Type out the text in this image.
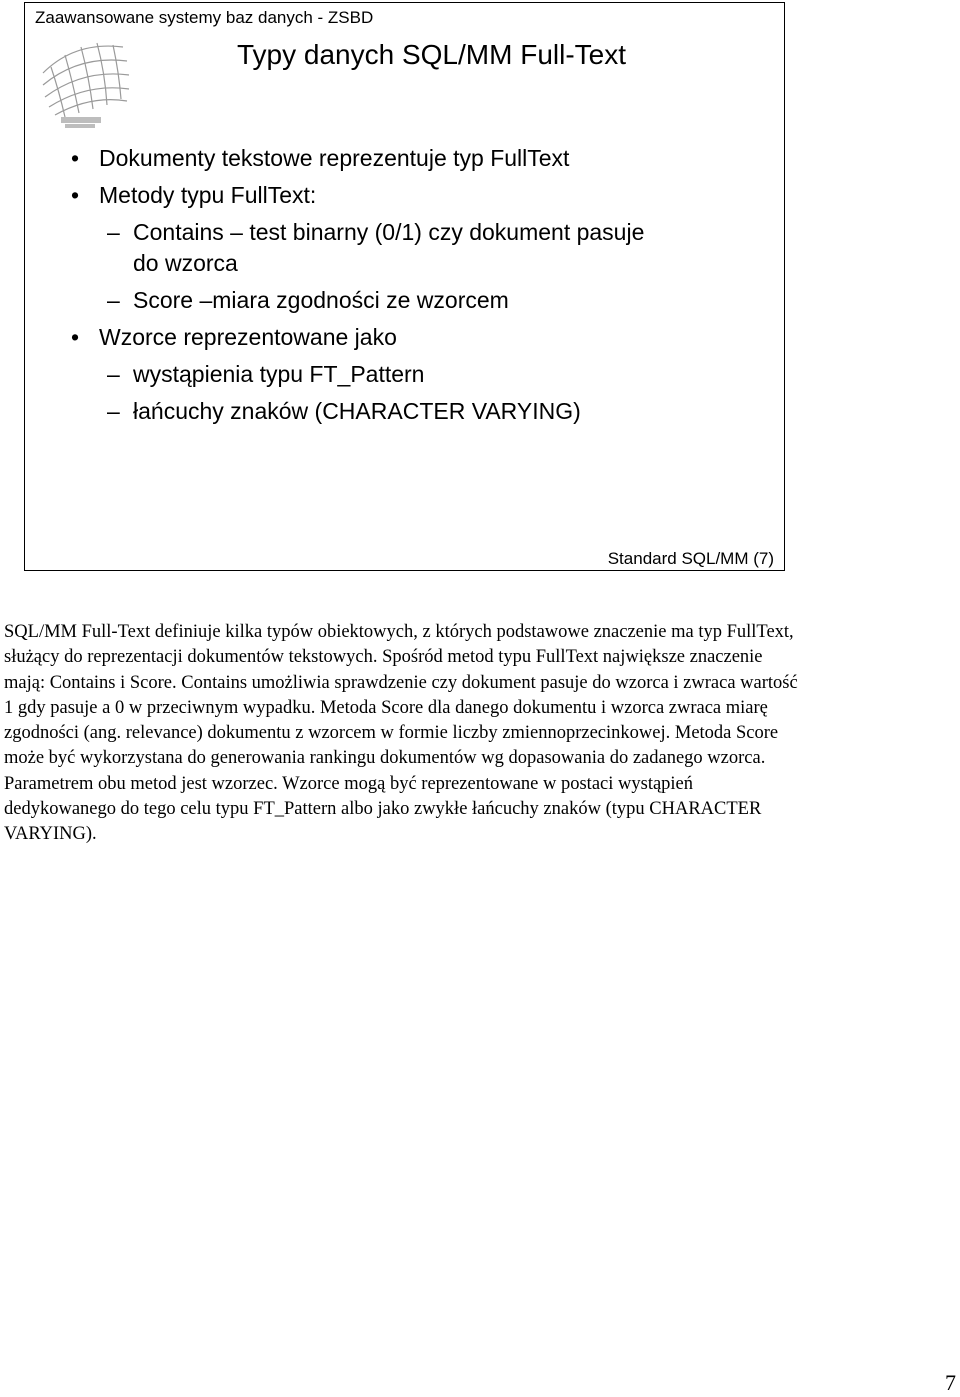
Zaawansowane systemy baz danych - ZSBD
Typy danych SQL/MM Full-Text
• Dokumenty tekstowe reprezentuje typ FullText
• Metody typu FullText:
– Contains – test binarny (0/1) czy dokument pasuje do wzorca
– Score –miara zgodności ze wzorcem
• Wzorce reprezentowane jako
– wystąpienia typu FT_Pattern
– łańcuchy znaków (CHARACTER VARYING)
Standard SQL/MM (7)

SQL/MM Full-Text definiuje kilka typów obiektowych, z których podstawowe znaczenie ma typ FullText, służący do reprezentacji dokumentów tekstowych. Spośród metod typu FullText największe znaczenie mają: Contains i Score. Contains umożliwia sprawdzenie czy dokument pasuje do wzorca i zwraca wartość 1 gdy pasuje a 0 w przeciwnym wypadku. Metoda Score dla danego dokumentu i wzorca zwraca miarę zgodności (ang. relevance) dokumentu z wzorcem w formie liczby zmiennoprzecinkowej. Metoda Score może być wykorzystana do generowania rankingu dokumentów wg dopasowania do zadanego wzorca. Parametrem obu metod jest wzorzec. Wzorce mogą być reprezentowane w postaci wystąpień dedykowanego do tego celu typu FT_Pattern albo jako zwykłe łańcuchy znaków (typu CHARACTER VARYING).

7
